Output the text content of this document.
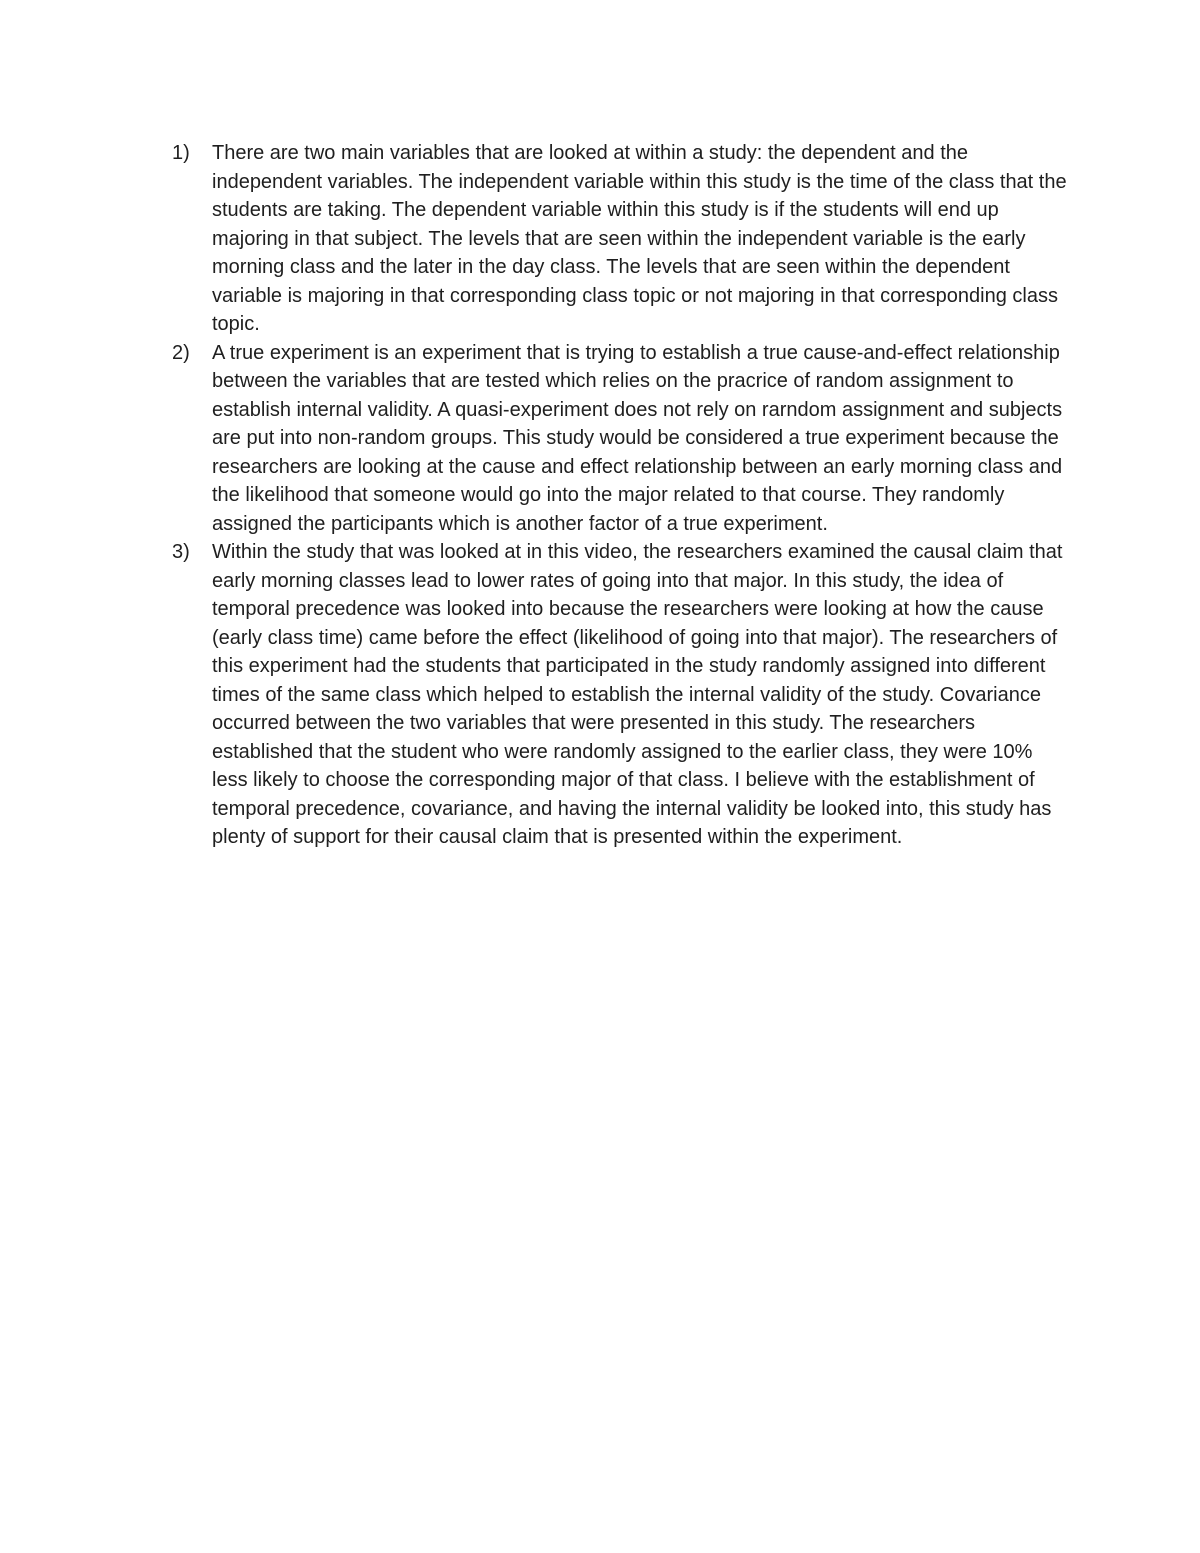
1)	There are two main variables that are looked at within a study: the dependent and the independent variables. The independent variable within this study is the time of the class that the students are taking. The dependent variable within this study is if the students will end up majoring in that subject. The levels that are seen within the independent variable is the early morning class and the later in the day class. The levels that are seen within the dependent variable is majoring in that corresponding class topic or not majoring in that corresponding class topic.

2)	A true experiment is an experiment that is trying to establish a true cause-and-effect relationship between the variables that are tested which relies on the pracrice of random assignment to establish internal validity. A quasi-experiment does not rely on rarndom assignment and subjects are put into non-random groups. This study would be considered a true experiment because the researchers are looking at the cause and effect relationship between an early morning class and the likelihood that someone would go into the major related to that course. They randomly assigned the participants which is another factor of a true experiment.

3)	Within the study that was looked at in this video, the researchers examined the causal claim that early morning classes lead to lower rates of going into that major. In this study, the idea of temporal precedence was looked into because the researchers were looking at how the cause (early class time) came before the effect (likelihood of going into that major). The researchers of this experiment had the students that participated in the study randomly assigned into different times of the same class which helped to establish the internal validity of the study. Covariance occurred between the two variables that were presented in this study. The researchers established that the student who were randomly assigned to the earlier class, they were 10% less likely to choose the corresponding major of that class. I believe with the establishment of temporal precedence, covariance, and having the internal validity be looked into, this study has plenty of support for their causal claim that is presented within the experiment.
